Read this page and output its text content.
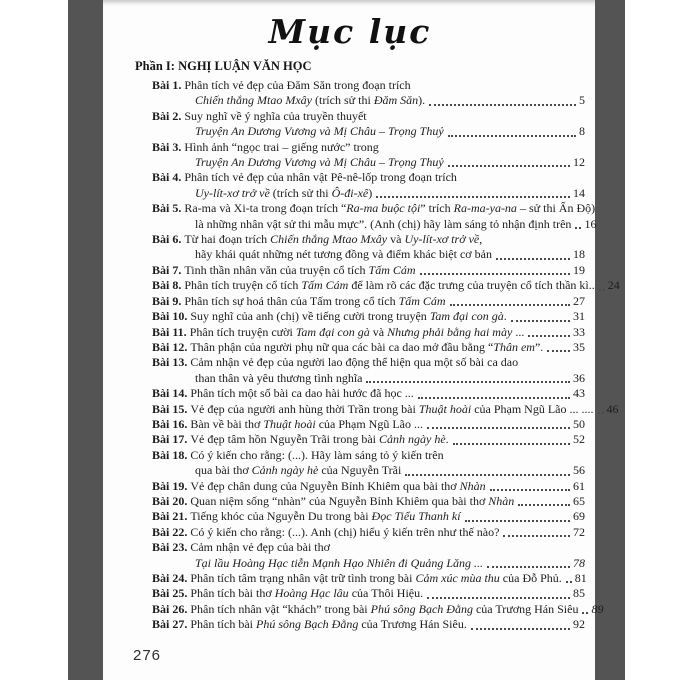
Mục lục
Phần I: NGHỊ LUẬN VĂN HỌC
Bài 1. Phân tích vẻ đẹp của Đăm Săn trong đoạn trích
Chiến thắng Mtao Mxây (trích sử thi Đăm Săn).	5
Bài 2. Suy nghĩ về ý nghĩa của truyền thuyết
Truyện An Dương Vương và Mị Châu – Trọng Thuỷ	8
Bài 3. Hình ảnh “ngọc trai – giếng nước” trong
Truyện An Dương Vương và Mị Châu – Trọng Thuỷ	12
Bài 4. Phân tích vẻ đẹp của nhân vật Pê-nê-lốp trong đoạn trích
Uy-lít-xơ trở về (trích sử thi Ô-đi-xê)	14
Bài 5. Ra-ma và Xi-ta trong đoạn trích “Ra-ma buộc tội” trích Ra-ma-ya-na – sử thi Ấn Độ)
là những nhân vật sử thi mẫu mực”. (Anh (chị) hãy làm sáng tỏ nhận định trên 16
Bài 6. Từ hai đoạn trích Chiến thắng Mtao Mxây và Uy-lít-xơ trở về,
hãy khái quát những nét tương đồng và điểm khác biệt cơ bản	18
Bài 7. Tinh thần nhân văn của truyện cổ tích Tấm Cám	19
Bài 8. Phân tích truyện cổ tích Tấm Cám để làm rõ các đặc trưng của truyện cổ tích thần kì.. 24
Bài 9. Phân tích sự hoá thân của Tấm trong cổ tích Tấm Cám	27
Bài 10. Suy nghĩ của anh (chị) về tiếng cười trong truyện Tam đại con gà.	31
Bài 11. Phân tích truyện cười Tam đại con gà và Nhưng phải bằng hai mày ...	33
Bài 12. Thân phận của người phụ nữ qua các bài ca dao mở đầu bằng “Thân em”. 35
Bài 13. Cảm nhận vẻ đẹp của người lao động thể hiện qua một số bài ca dao
than thân và yêu thương tình nghĩa	36
Bài 14. Phân tích một số bài ca dao hài hước đã học ...	43
Bài 15. Vẻ đẹp của người anh hùng thời Trần trong bài Thuật hoài của Phạm Ngũ Lão ... .... 46
Bài 16. Bàn về bài thơ Thuật hoài của Phạm Ngũ Lão ...	50
Bài 17. Vẻ đẹp tâm hồn Nguyễn Trãi trong bài Cảnh ngày hè.	52
Bài 18. Có ý kiến cho rằng: (...). Hãy làm sáng tỏ ý kiến trên
qua bài thơ Cảnh ngày hè của Nguyễn Trãi	56
Bài 19. Vẻ đẹp chân dung của Nguyễn Bỉnh Khiêm qua bài thơ Nhàn	61
Bài 20. Quan niệm sống “nhàn” của Nguyễn Bỉnh Khiêm qua bài thơ Nhàn	65
Bài 21. Tiếng khóc của Nguyễn Du trong bài Đọc Tiểu Thanh kí	69
Bài 22. Có ý kiến cho rằng: (...). Anh (chị) hiểu ý kiến trên như thế nào?	72
Bài 23. Cảm nhận vẻ đẹp của bài thơ
Tại lầu Hoàng Hạc tiễn Mạnh Hạo Nhiên đi Quảng Lăng ...	78
Bài 24. Phân tích tâm trạng nhân vật trữ tình trong bài Cảm xúc mùa thu của Đỗ Phủ. 81
Bài 25. Phân tích bài thơ Hoàng Hạc lâu của Thôi Hiệu.	85
Bài 26. Phân tích nhân vật “khách” trong bài Phú sông Bạch Đằng của Trương Hán Siêu 89
Bài 27. Phân tích bài Phú sông Bạch Đằng của Trương Hán Siêu.	92
276
